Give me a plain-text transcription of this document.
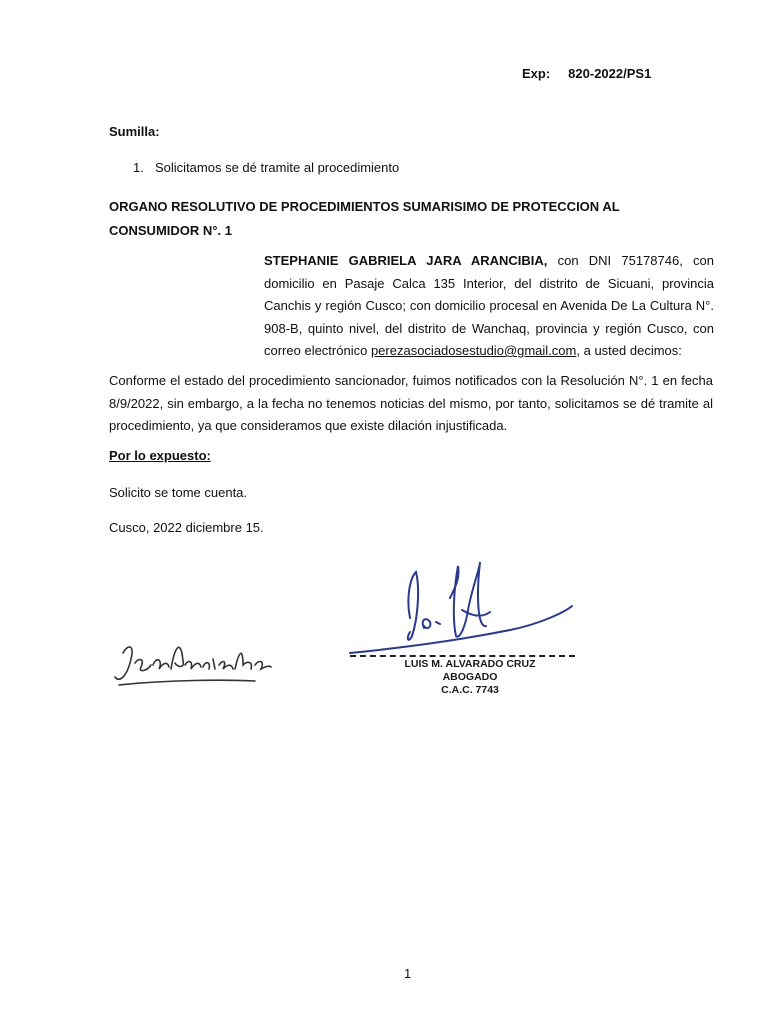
Exp: 820-2022/PS1
Sumilla:
1. Solicitamos se dé tramite al procedimiento
ORGANO RESOLUTIVO DE PROCEDIMIENTOS SUMARISIMO DE PROTECCION AL CONSUMIDOR N°. 1
STEPHANIE GABRIELA JARA ARANCIBIA, con DNI 75178746, con domicilio en Pasaje Calca 135 Interior, del distrito de Sicuani, provincia Canchis y región Cusco; con domicilio procesal en Avenida De La Cultura N°. 908-B, quinto nivel, del distrito de Wanchaq, provincia y región Cusco, con correo electrónico perezasociadosestudio@gmail.com, a usted decimos:
Conforme el estado del procedimiento sancionador, fuimos notificados con la Resolución N°. 1 en fecha 8/9/2022, sin embargo, a la fecha no tenemos noticias del mismo, por tanto, solicitamos se dé tramite al procedimiento, ya que consideramos que existe dilación injustificada.
Por lo expuesto:
Solicito se tome cuenta.
Cusco, 2022 diciembre 15.
LUIS M. ALVARADO CRUZ
ABOGADO
C.A.C. 7743
1
